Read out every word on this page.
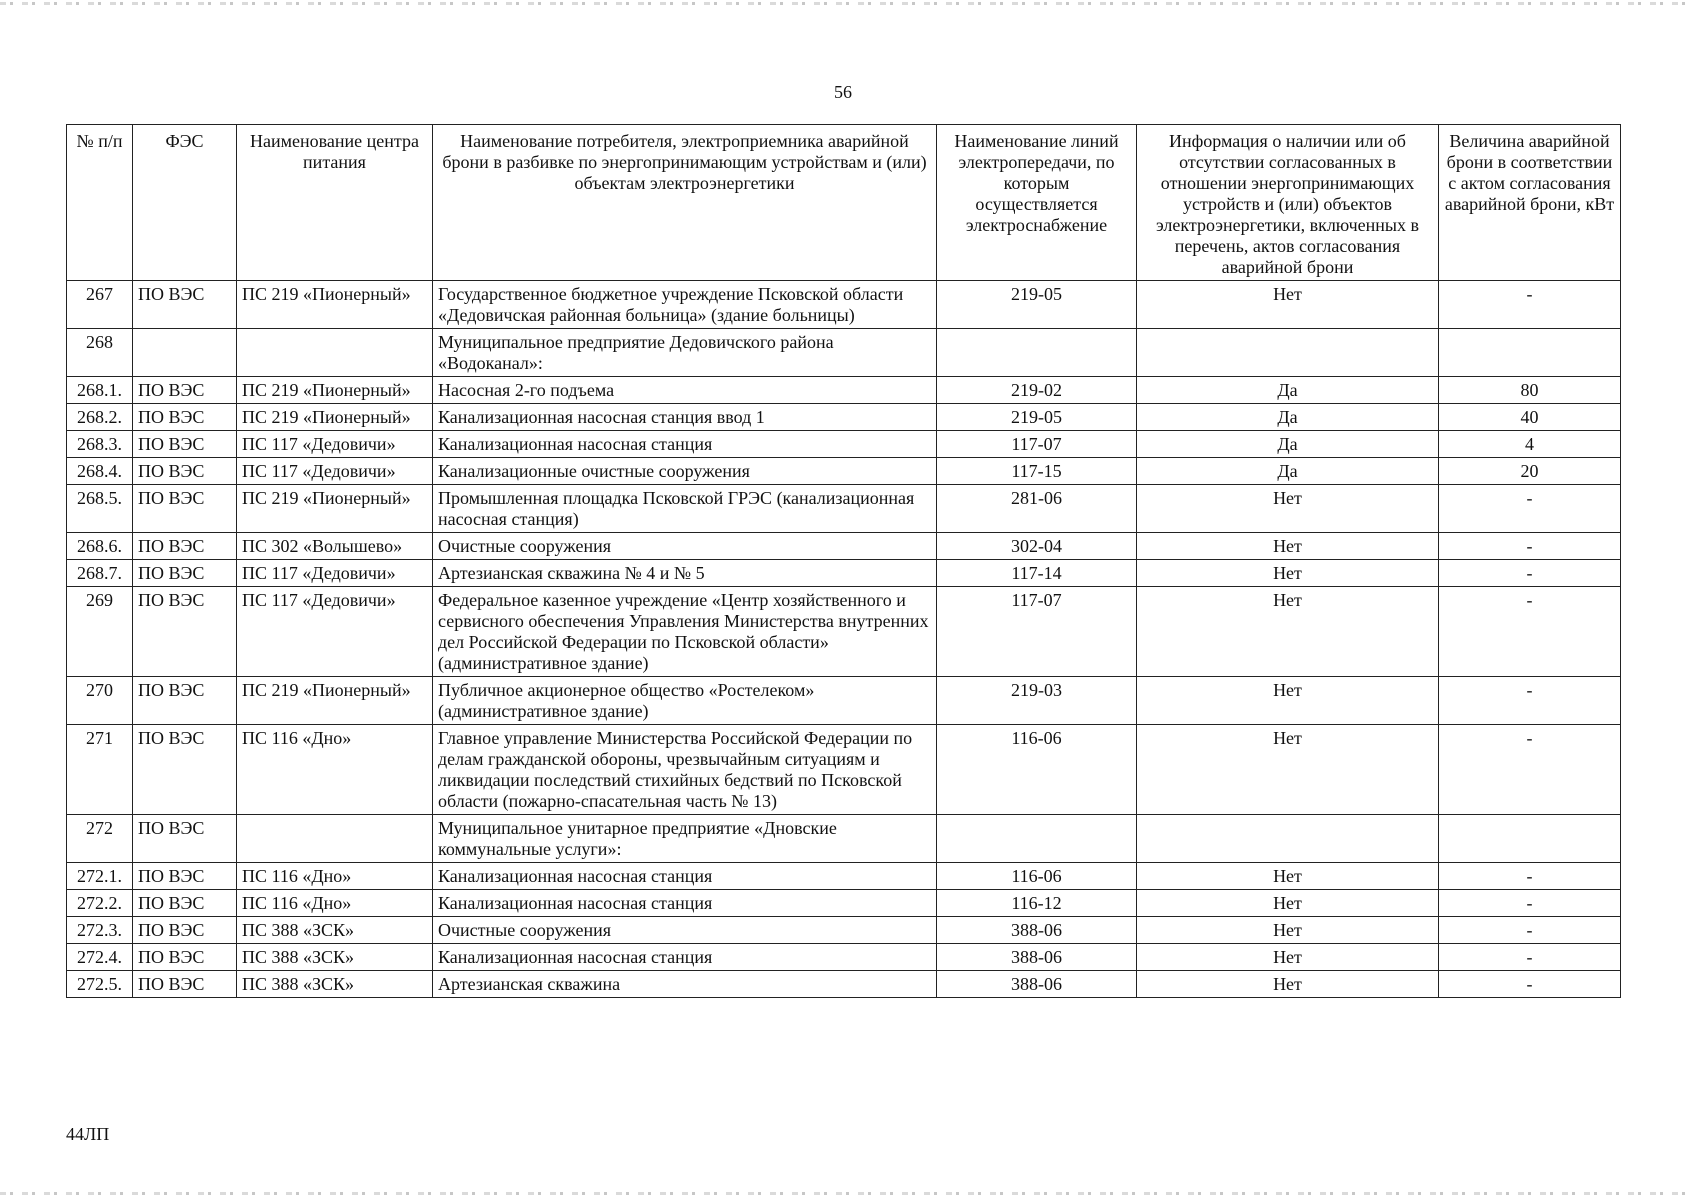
56
№ п/п	ФЭС	Наименование центра питания	Наименование потребителя, электроприемника аварийной брони в разбивке по энергопринимающим устройствам и (или) объектам электроэнергетики	Наименование линий электропередачи, по которым осуществляется электроснабжение	Информация о наличии или об отсутствии согласованных в отношении энергопринимающих устройств и (или) объектов электроэнергетики, включенных в перечень, актов согласования аварийной брони	Величина аварийной брони в соответствии с актом согласования аварийной брони, кВт
267	ПО ВЭС	ПС 219 «Пионерный»	Государственное бюджетное учреждение Псковской области «Дедовичская районная больница» (здание больницы)	219-05	Нет	-
268			Муниципальное предприятие Дедовичского района «Водоканал»:			
268.1.	ПО ВЭС	ПС 219 «Пионерный»	Насосная 2-го подъема	219-02	Да	80
268.2.	ПО ВЭС	ПС 219 «Пионерный»	Канализационная насосная станция ввод 1	219-05	Да	40
268.3.	ПО ВЭС	ПС 117 «Дедовичи»	Канализационная насосная станция	117-07	Да	4
268.4.	ПО ВЭС	ПС 117 «Дедовичи»	Канализационные очистные сооружения	117-15	Да	20
268.5.	ПО ВЭС	ПС 219 «Пионерный»	Промышленная площадка Псковской ГРЭС (канализационная насосная станция)	281-06	Нет	-
268.6.	ПО ВЭС	ПС 302 «Волышево»	Очистные сооружения	302-04	Нет	-
268.7.	ПО ВЭС	ПС 117 «Дедовичи»	Артезианская скважина № 4 и № 5	117-14	Нет	-
269	ПО ВЭС	ПС 117 «Дедовичи»	Федеральное казенное учреждение «Центр хозяйственного и сервисного обеспечения Управления Министерства внутренних дел Российской Федерации по Псковской области» (административное здание)	117-07	Нет	-
270	ПО ВЭС	ПС 219 «Пионерный»	Публичное акционерное общество «Ростелеком» (административное здание)	219-03	Нет	-
271	ПО ВЭС	ПС 116 «Дно»	Главное управление Министерства Российской Федерации по делам гражданской обороны, чрезвычайным ситуациям и ликвидации последствий стихийных бедствий по Псковской области (пожарно-спасательная часть № 13)	116-06	Нет	-
272	ПО ВЭС		Муниципальное унитарное предприятие «Дновские коммунальные услуги»:			
272.1.	ПО ВЭС	ПС 116 «Дно»	Канализационная насосная станция	116-06	Нет	-
272.2.	ПО ВЭС	ПС 116 «Дно»	Канализационная насосная станция	116-12	Нет	-
272.3.	ПО ВЭС	ПС 388 «ЗСК»	Очистные сооружения	388-06	Нет	-
272.4.	ПО ВЭС	ПС 388 «ЗСК»	Канализационная насосная станция	388-06	Нет	-
272.5.	ПО ВЭС	ПС 388 «ЗСК»	Артезианская скважина	388-06	Нет	-
44ЛП
